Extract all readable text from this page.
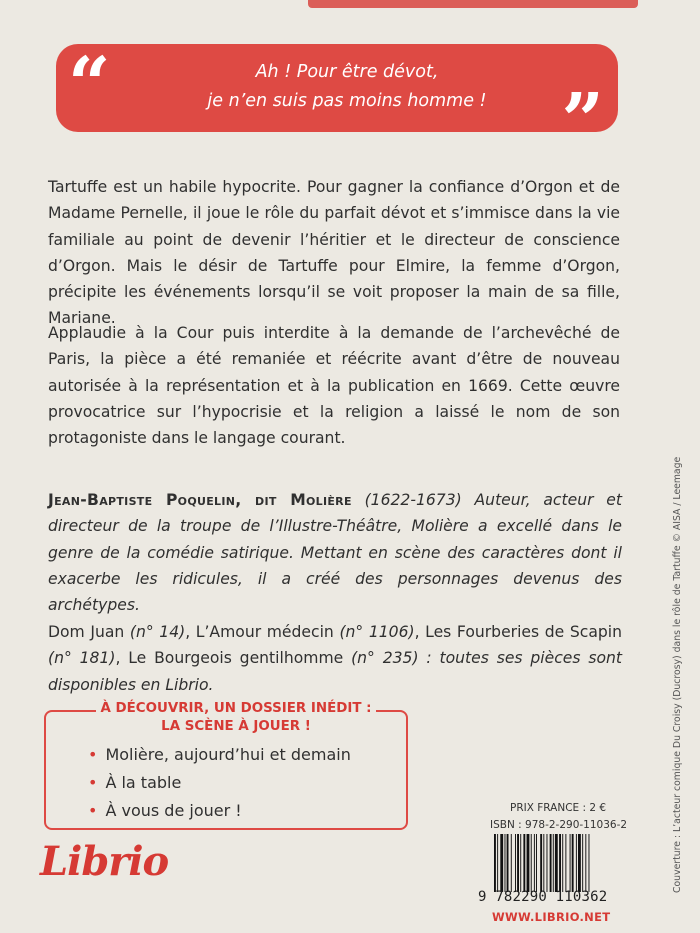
“	Ah ! Pour être dévot,
je n’en suis pas moins homme !	”

Tartuffe est un habile hypocrite. Pour gagner la confiance d’Orgon et de Madame Pernelle, il joue le rôle du parfait dévot et s’immisce dans la vie familiale au point de devenir l’héritier et le directeur de conscience d’Orgon. Mais le désir de Tartuffe pour Elmire, la femme d’Orgon, précipite les événements lorsqu’il se voit proposer la main de sa fille, Mariane.

Applaudie à la Cour puis interdite à la demande de l’archevêché de Paris, la pièce a été remaniée et réécrite avant d’être de nouveau autorisée à la représentation et à la publication en 1669. Cette œuvre provocatrice sur l’hypocrisie et la religion a laissé le nom de son protagoniste dans le langage courant.

Jean-Baptiste Poquelin, dit Molière (1622-1673) Auteur, acteur et directeur de la troupe de l’Illustre-Théâtre, Molière a excellé dans le genre de la comédie satirique. Mettant en scène des caractères dont il exacerbe les ridicules, il a créé des personnages devenus des archétypes.

Dom Juan (n° 14), L’Amour médecin (n° 1106), Les Fourberies de Scapin (n° 181), Le Bourgeois gentilhomme (n° 235) : toutes ses pièces sont disponibles en Librio.

À DÉCOUVRIR, UN DOSSIER INÉDIT :
LA SCÈNE À JOUER !
• Molière, aujourd’hui et demain
• À la table
• À vous de jouer !
Librio
PRIX FRANCE : 2 €
ISBN : 978-2-290-11036-2
9 782290 110362
WWW.LIBRIO.NET
Couverture : L’acteur comique Du Croisy (Ducrosy) dans le rôle de Tartuffe © AISA / Leemage
